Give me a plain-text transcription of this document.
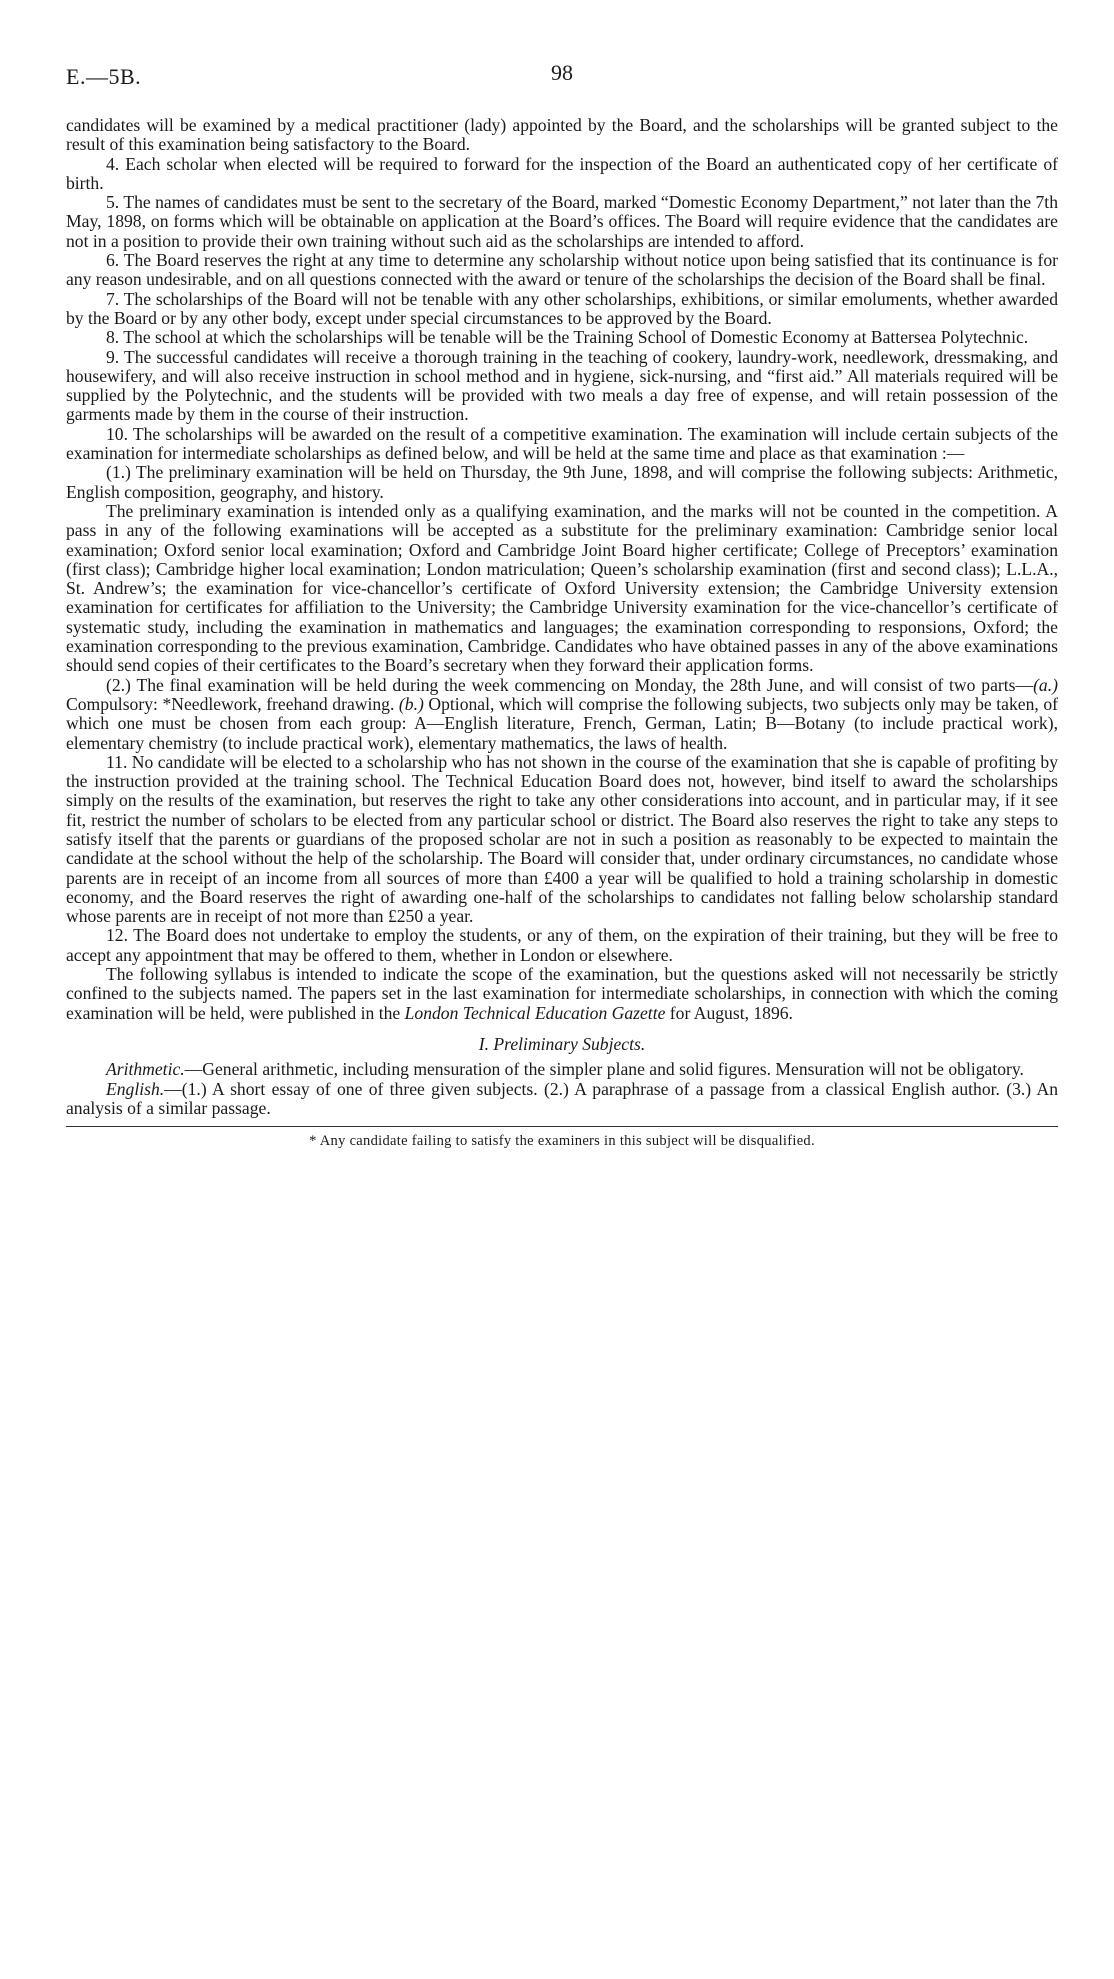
E.—5B.	98

candidates will be examined by a medical practitioner (lady) appointed by the Board, and the scholarships will be granted subject to the result of this examination being satisfactory to the Board.

4. Each scholar when elected will be required to forward for the inspection of the Board an authenticated copy of her certificate of birth.

5. The names of candidates must be sent to the secretary of the Board, marked “Domestic Economy Department,” not later than the 7th May, 1898, on forms which will be obtainable on application at the Board’s offices. The Board will require evidence that the candidates are not in a position to provide their own training without such aid as the scholarships are intended to afford.

6. The Board reserves the right at any time to determine any scholarship without notice upon being satisfied that its continuance is for any reason undesirable, and on all questions connected with the award or tenure of the scholarships the decision of the Board shall be final.

7. The scholarships of the Board will not be tenable with any other scholarships, exhibitions, or similar emoluments, whether awarded by the Board or by any other body, except under special circumstances to be approved by the Board.

8. The school at which the scholarships will be tenable will be the Training School of Domestic Economy at Battersea Polytechnic.

9. The successful candidates will receive a thorough training in the teaching of cookery, laundry-work, needlework, dressmaking, and housewifery, and will also receive instruction in school method and in hygiene, sick-nursing, and “first aid.” All materials required will be supplied by the Polytechnic, and the students will be provided with two meals a day free of expense, and will retain possession of the garments made by them in the course of their instruction.

10. The scholarships will be awarded on the result of a competitive examination. The examination will include certain subjects of the examination for intermediate scholarships as defined below, and will be held at the same time and place as that examination :—

(1.) The preliminary examination will be held on Thursday, the 9th June, 1898, and will comprise the following subjects: Arithmetic, English composition, geography, and history.

The preliminary examination is intended only as a qualifying examination, and the marks will not be counted in the competition. A pass in any of the following examinations will be accepted as a substitute for the preliminary examination: Cambridge senior local examination; Oxford senior local examination; Oxford and Cambridge Joint Board higher certificate; College of Preceptors’ examination (first class); Cambridge higher local examination; London matriculation; Queen’s scholarship examination (first and second class); L.L.A., St. Andrew’s; the examination for vice-chancellor’s certificate of Oxford University extension; the Cambridge University extension examination for certificates for affiliation to the University; the Cambridge University examination for the vice-chancellor’s certificate of systematic study, including the examination in mathematics and languages; the examination corresponding to responsions, Oxford; the examination corresponding to the previous examination, Cambridge. Candidates who have obtained passes in any of the above examinations should send copies of their certificates to the Board’s secretary when they forward their application forms.

(2.) The final examination will be held during the week commencing on Monday, the 28th June, and will consist of two parts—(a.) Compulsory: *Needlework, freehand drawing. (b.) Optional, which will comprise the following subjects, two subjects only may be taken, of which one must be chosen from each group: A—English literature, French, German, Latin; B—Botany (to include practical work), elementary chemistry (to include practical work), elementary mathematics, the laws of health.

11. No candidate will be elected to a scholarship who has not shown in the course of the examination that she is capable of profiting by the instruction provided at the training school. The Technical Education Board does not, however, bind itself to award the scholarships simply on the results of the examination, but reserves the right to take any other considerations into account, and in particular may, if it see fit, restrict the number of scholars to be elected from any particular school or district. The Board also reserves the right to take any steps to satisfy itself that the parents or guardians of the proposed scholar are not in such a position as reasonably to be expected to maintain the candidate at the school without the help of the scholarship. The Board will consider that, under ordinary circumstances, no candidate whose parents are in receipt of an income from all sources of more than £400 a year will be qualified to hold a training scholarship in domestic economy, and the Board reserves the right of awarding one-half of the scholarships to candidates not falling below scholarship standard whose parents are in receipt of not more than £250 a year.

12. The Board does not undertake to employ the students, or any of them, on the expiration of their training, but they will be free to accept any appointment that may be offered to them, whether in London or elsewhere.

The following syllabus is intended to indicate the scope of the examination, but the questions asked will not necessarily be strictly confined to the subjects named. The papers set in the last examination for intermediate scholarships, in connection with which the coming examination will be held, were published in the London Technical Education Gazette for August, 1896.

I. Preliminary Subjects.

Arithmetic.—General arithmetic, including mensuration of the simpler plane and solid figures. Mensuration will not be obligatory.

English.—(1.) A short essay of one of three given subjects. (2.) A paraphrase of a passage from a classical English author. (3.) An analysis of a similar passage.

* Any candidate failing to satisfy the examiners in this subject will be disqualified.
